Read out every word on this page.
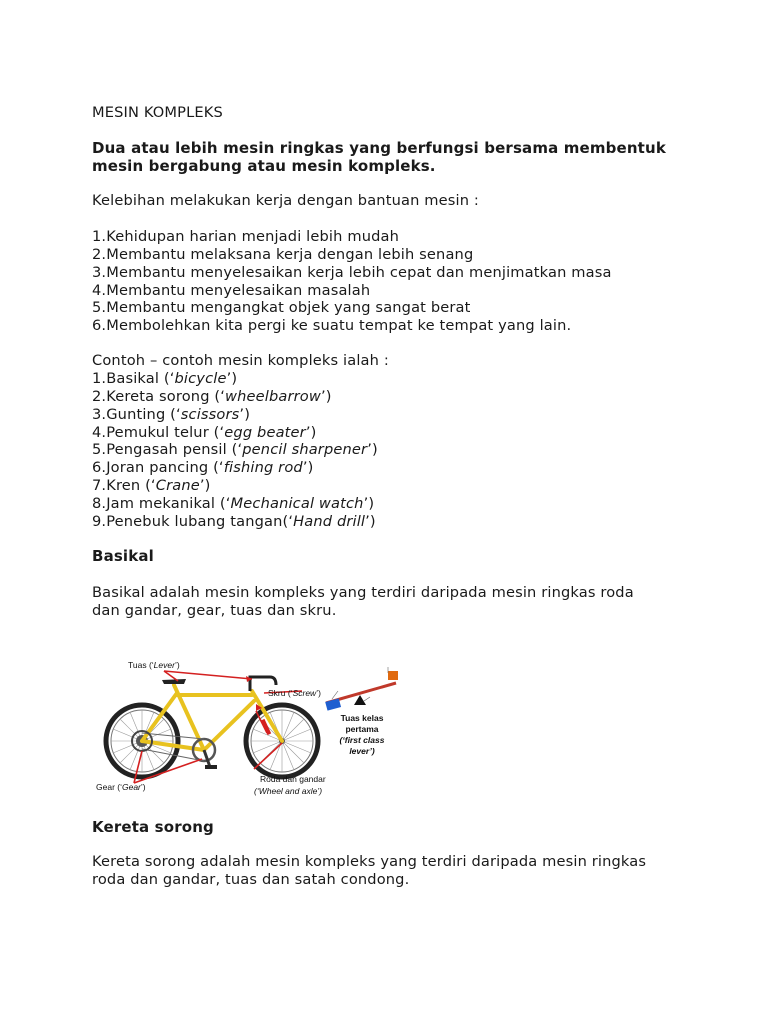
MESIN KOMPLEKS
Dua atau lebih mesin ringkas yang berfungsi bersama membentuk
mesin bergabung atau mesin kompleks.
Kelebihan melakukan kerja dengan bantuan mesin :
1.Kehidupan harian menjadi lebih mudah
2.Membantu melaksana kerja dengan lebih senang
3.Membantu menyelesaikan kerja lebih cepat dan menjimatkan masa
4.Membantu menyelesaikan masalah
5.Membantu mengangkat objek yang sangat berat
6.Membolehkan kita pergi ke suatu tempat ke tempat yang lain.
Contoh – contoh mesin kompleks ialah :
1.Basikal (‘bicycle’)
2.Kereta sorong (‘wheelbarrow’)
3.Gunting (‘scissors’)
4.Pemukul telur (‘egg beater’)
5.Pengasah pensil (‘pencil sharpener’)
6.Joran pancing (‘fishing rod’)
7.Kren (‘Crane’)
8.Jam mekanikal (‘Mechanical watch’)
9.Penebuk lubang tangan(‘Hand drill’)
Basikal
Basikal adalah mesin kompleks yang terdiri daripada mesin ringkas roda
dan gandar, gear, tuas dan skru.
Tuas (‘Lever’)
Skru (‘Screw’)
Gear (‘Gear’)
Roda dan gandar
(‘Wheel and axle’)
Tuas kelas
pertama
(‘first class
lever’)
Kereta sorong
Kereta sorong adalah mesin kompleks yang terdiri daripada mesin ringkas
roda dan gandar, tuas dan satah condong.
